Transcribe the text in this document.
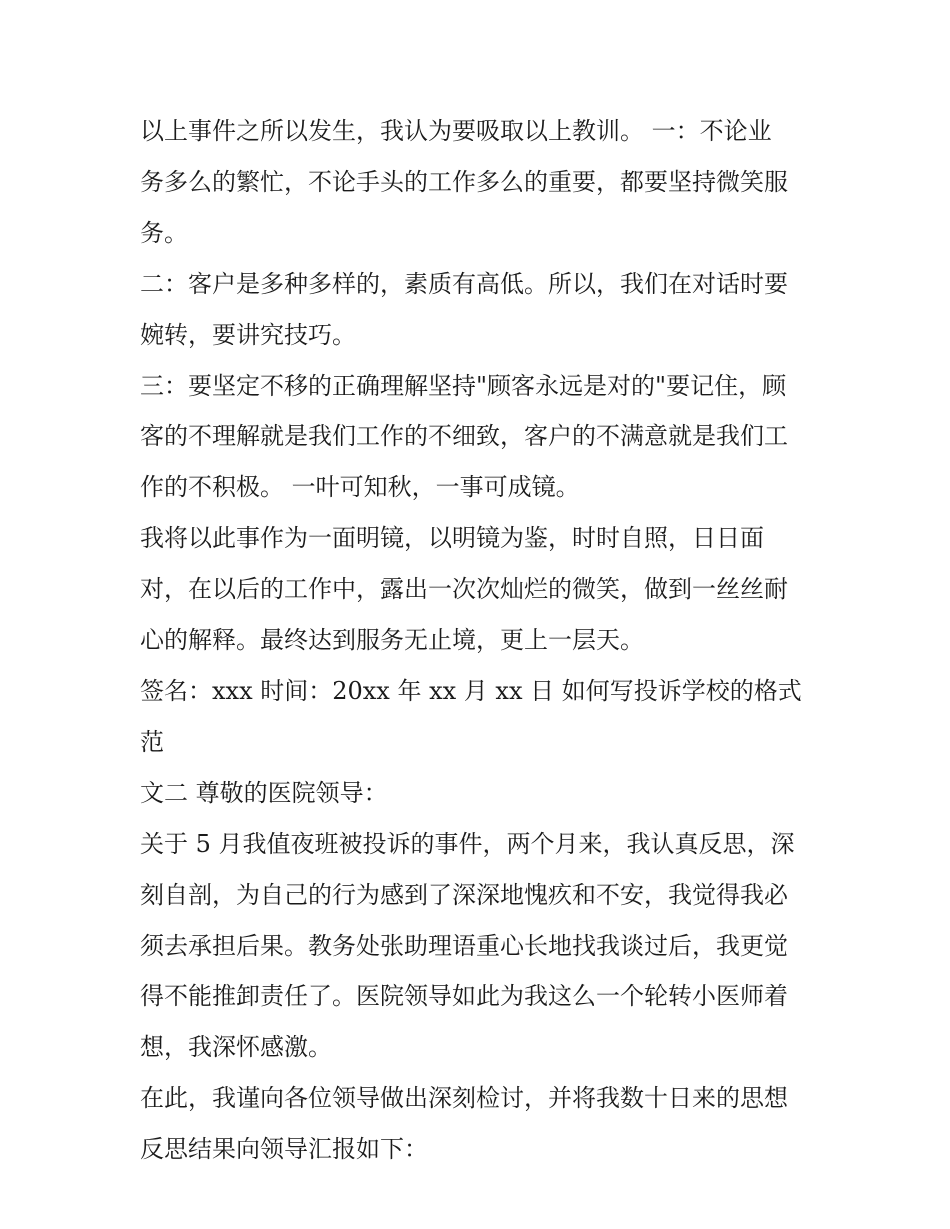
以上事件之所以发生，我认为要吸取以上教训。 一：不论业
务多么的繁忙，不论手头的工作多么的重要，都要坚持微笑服
务。
二：客户是多种多样的，素质有高低。所以，我们在对话时要
婉转，要讲究技巧。
三：要坚定不移的正确理解坚持"顾客永远是对的"要记住，顾
客的不理解就是我们工作的不细致，客户的不满意就是我们工
作的不积极。 一叶可知秋，一事可成镜。
我将以此事作为一面明镜，以明镜为鉴，时时自照，日日面
对，在以后的工作中，露出一次次灿烂的微笑，做到一丝丝耐
心的解释。最终达到服务无止境，更上一层天。
签名：xxx 时间：20xx 年 xx 月 xx 日 如何写投诉学校的格式范
文二 尊敬的医院领导：
关于 5 月我值夜班被投诉的事件，两个月来，我认真反思，深
刻自剖，为自己的行为感到了深深地愧疚和不安，我觉得我必
须去承担后果。教务处张助理语重心长地找我谈过后，我更觉
得不能推卸责任了。医院领导如此为我这么一个轮转小医师着
想，我深怀感激。
在此，我谨向各位领导做出深刻检讨，并将我数十日来的思想
反思结果向领导汇报如下：
